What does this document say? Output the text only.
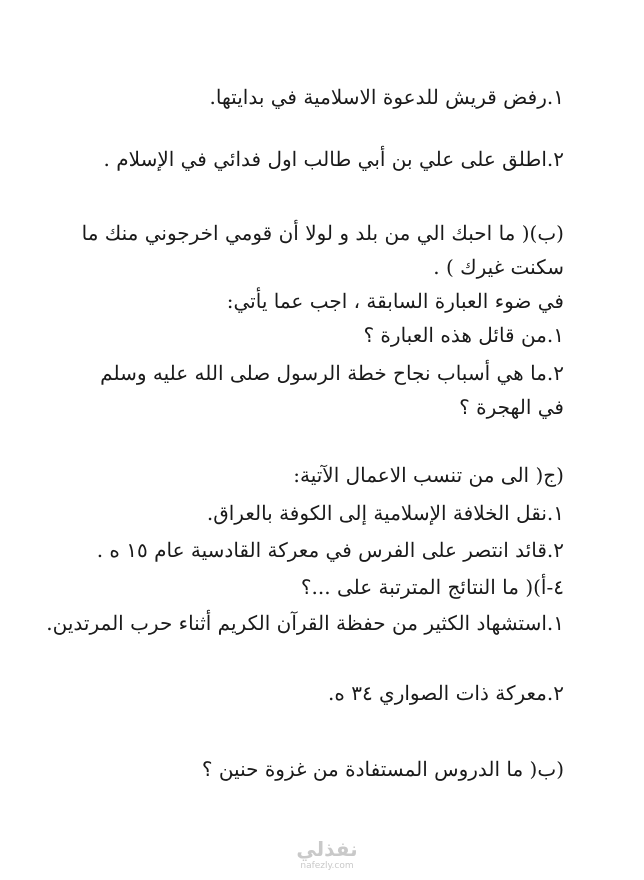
١.رفض قريش للدعوة الاسلامية في بدايتها.
٢.اطلق على علي بن أبي طالب اول فدائي في الإسلام .
(ب)( ما احبك الي من بلد و لولا أن قومي اخرجوني منك ما سكنت غيرك ) .
في ضوء العبارة السابقة ، اجب عما يأتي:
١.من قائل هذه العبارة ؟
٢.ما هي أسباب نجاح خطة الرسول صلى الله عليه وسلم في الهجرة ؟
(ج( الى من تنسب الاعمال الآتية:
١.نقل الخلافة الإسلامية إلى الكوفة بالعراق.
٢.قائد انتصر على الفرس في معركة القادسية عام ١٥ ه .
٤-أ)( ما النتائج المترتبة على ...؟
١.استشهاد الكثير من حفظة القرآن الكريم أثناء حرب المرتدين.
٢.معركة ذات الصواري ٣٤ ه.
(ب( ما الدروس المستفادة من غزوة حنين ؟
نفذلي
nafezly.com
